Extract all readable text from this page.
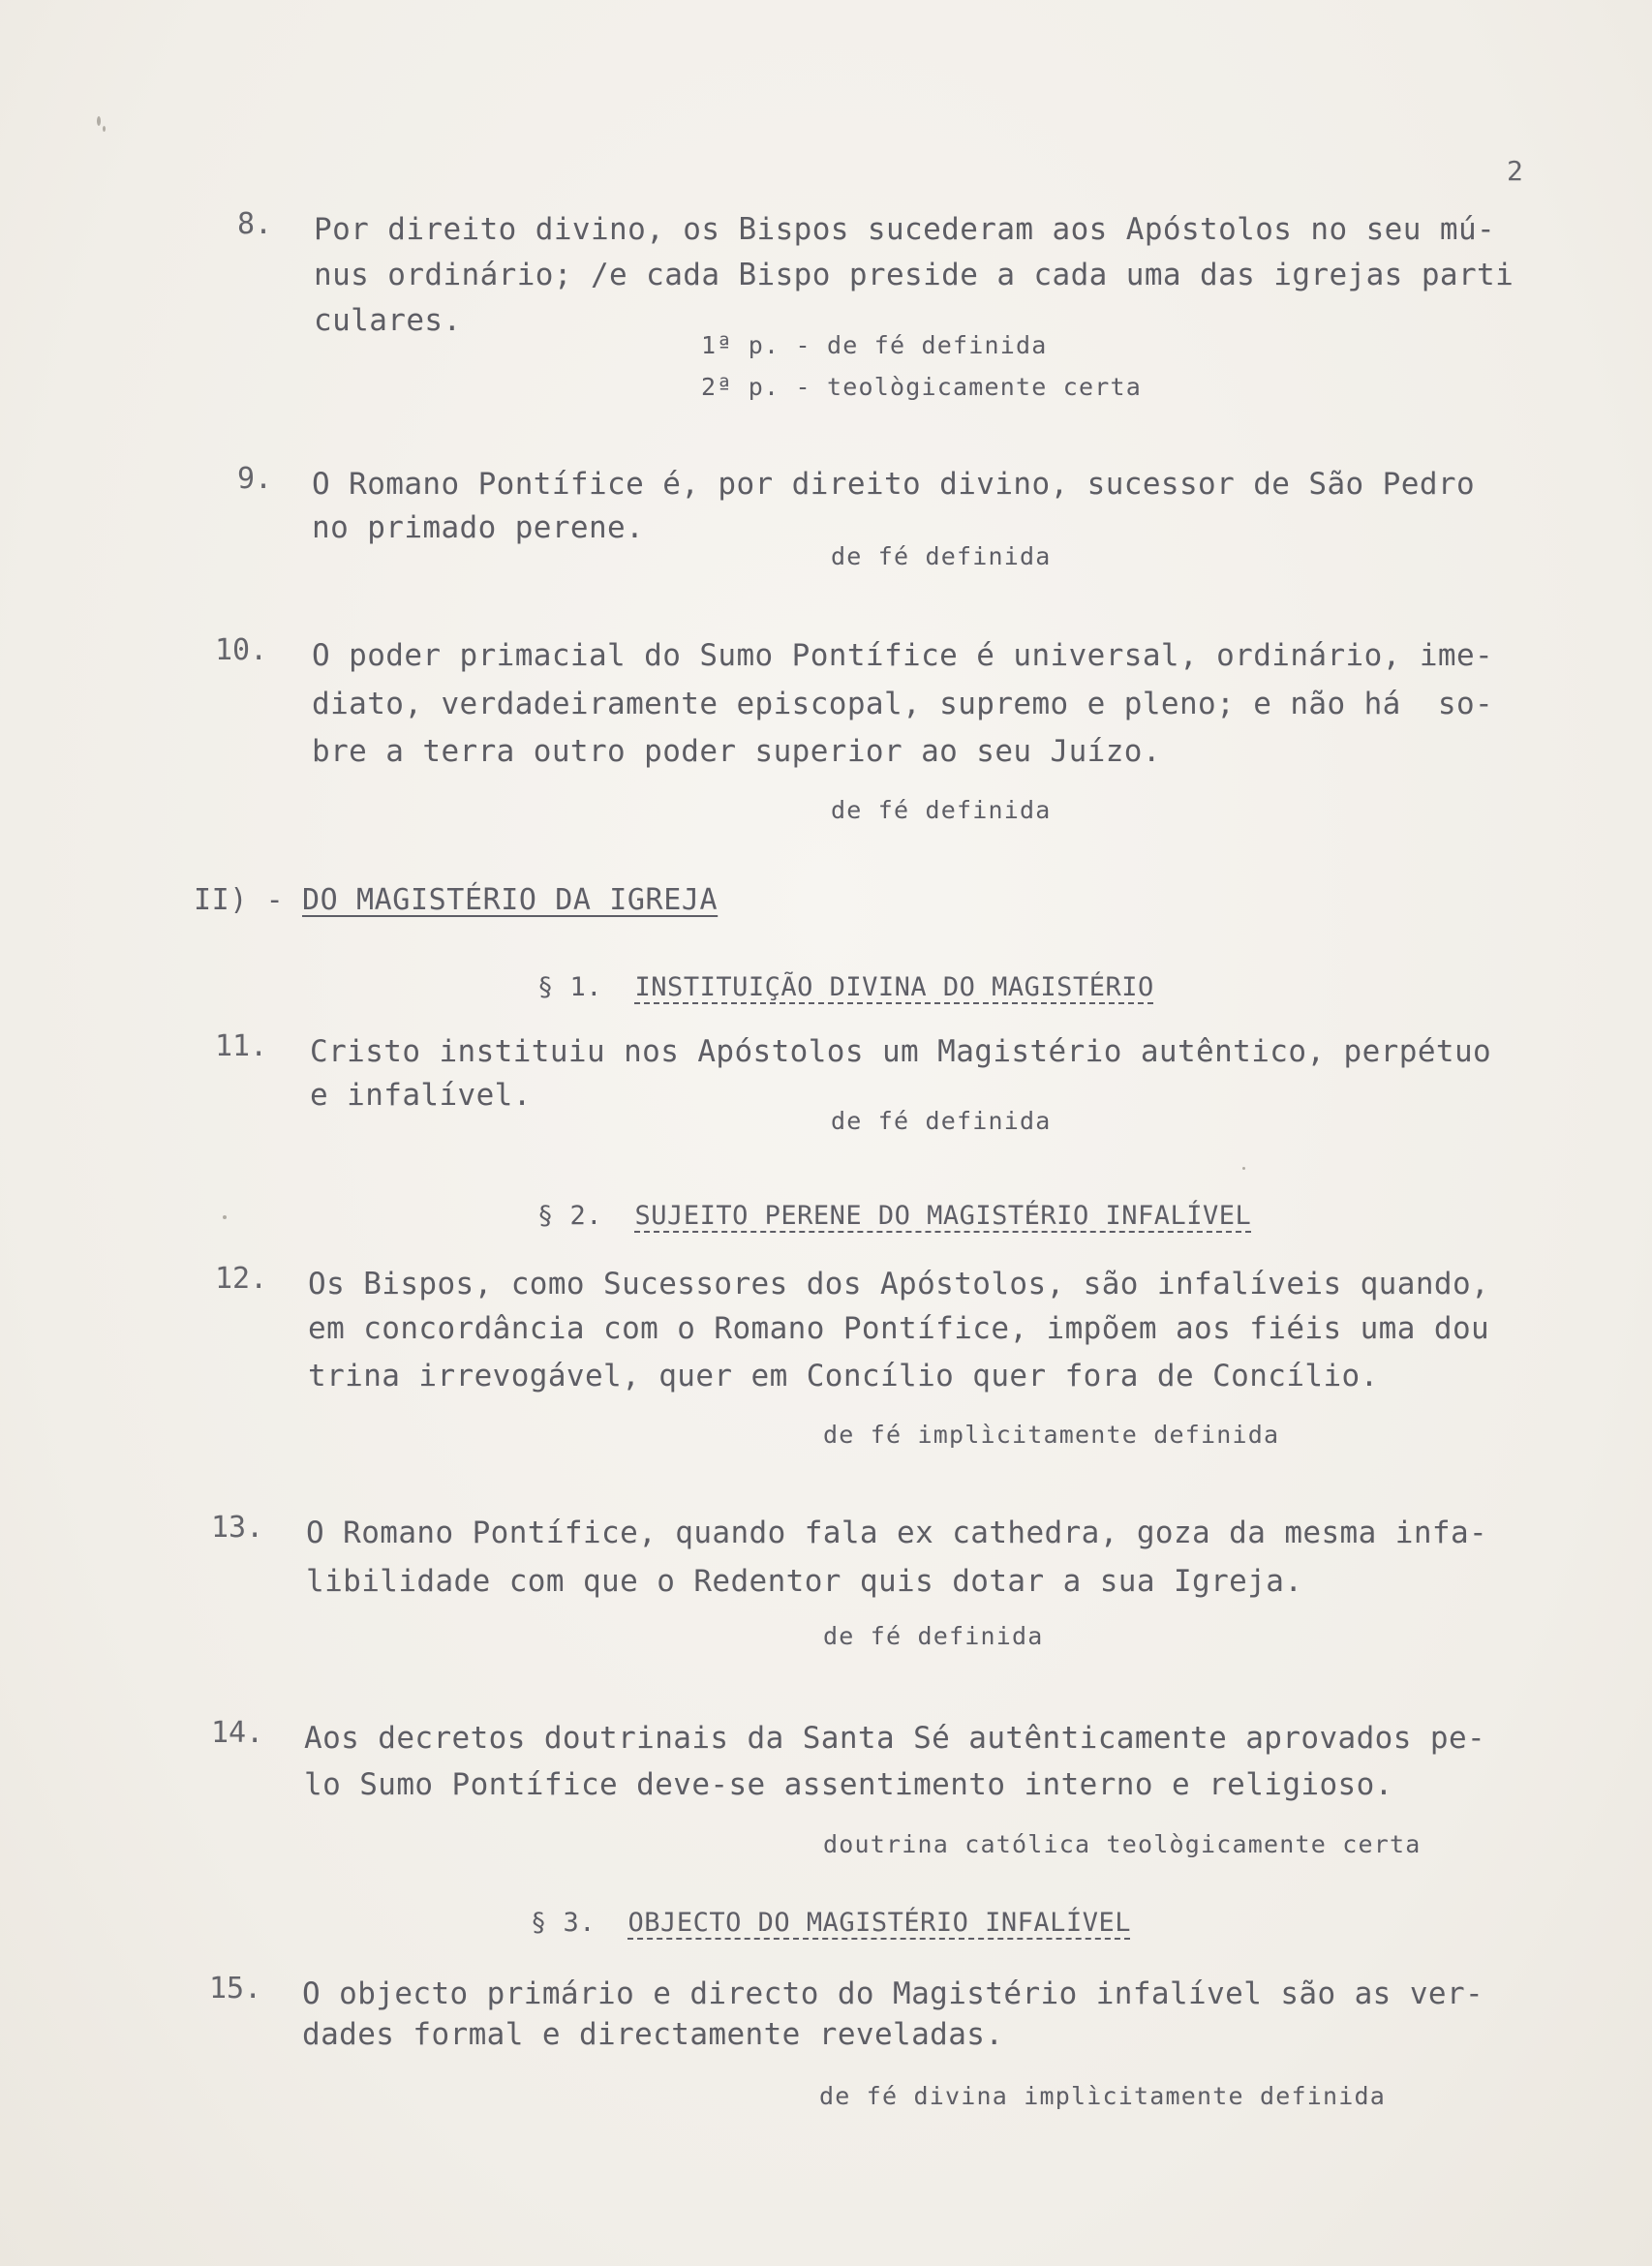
2
8. Por direito divino, os Bispos sucederam aos Apóstolos no seu mú-
nus ordinário; /e cada Bispo preside a cada uma das igrejas parti
culares.
1ª p. - de fé definida
2ª p. - teològicamente certa
9. O Romano Pontífice é, por direito divino, sucessor de São Pedro
no primado perene.
de fé definida
10. O poder primacial do Sumo Pontífice é universal, ordinário, ime-
diato, verdadeiramente episcopal, supremo e pleno; e não há  so-
bre a terra outro poder superior ao seu Juízo.
de fé definida
II) - DO MAGISTÉRIO DA IGREJA
§ 1. INSTITUIÇÃO DIVINA DO MAGISTÉRIO
11. Cristo instituiu nos Apóstolos um Magistério autêntico, perpétuo
e infalível.
de fé definida
§ 2. SUJEITO PERENE DO MAGISTÉRIO INFALÍVEL
12. Os Bispos, como Sucessores dos Apóstolos, são infalíveis quando,
em concordância com o Romano Pontífice, impõem aos fiéis uma dou
trina irrevogável, quer em Concílio quer fora de Concílio.
de fé implìcitamente definida
13. O Romano Pontífice, quando fala ex cathedra, goza da mesma infa-
libilidade com que o Redentor quis dotar a sua Igreja.
de fé definida
14. Aos decretos doutrinais da Santa Sé autênticamente aprovados pe-
lo Sumo Pontífice deve-se assentimento interno e religioso.
doutrina católica teològicamente certa
§ 3. OBJECTO DO MAGISTÉRIO INFALÍVEL
15. O objecto primário e directo do Magistério infalível são as ver-
dades formal e directamente reveladas.
de fé divina implìcitamente definida
